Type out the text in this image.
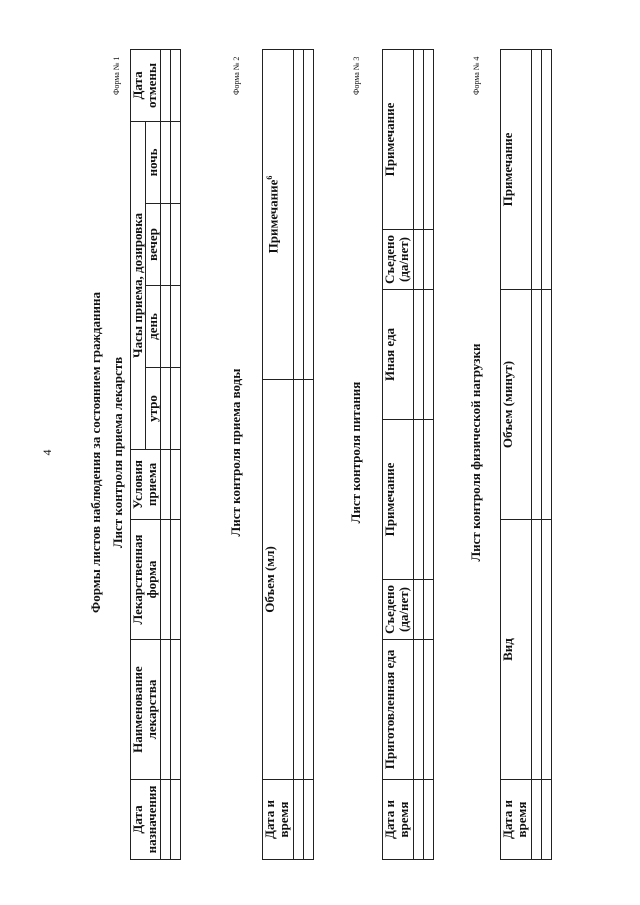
4	Формы листов наблюдения за состоянием гражданина
Форма № 1
Лист контроля приема лекарств
Дата назначения	Наименование лекарства	Лекарственная форма	Условия приема	Часы приема, дозировка				Дата отмены
				утро	день	вечер	ночь	

Форма № 2
Лист контроля приема воды
Дата и время	Объем (мл)	Примечание$^6$

Форма № 3
Лист контроля питания
Дата и время	Приготовленная еда	Съедено (да/нет)	Примечание	Иная еда	Съедено (да/нет)	Примечание

Форма № 4
Лист контроля физической нагрузки
Дата и время	Вид	Объем (минут)	Примечание
